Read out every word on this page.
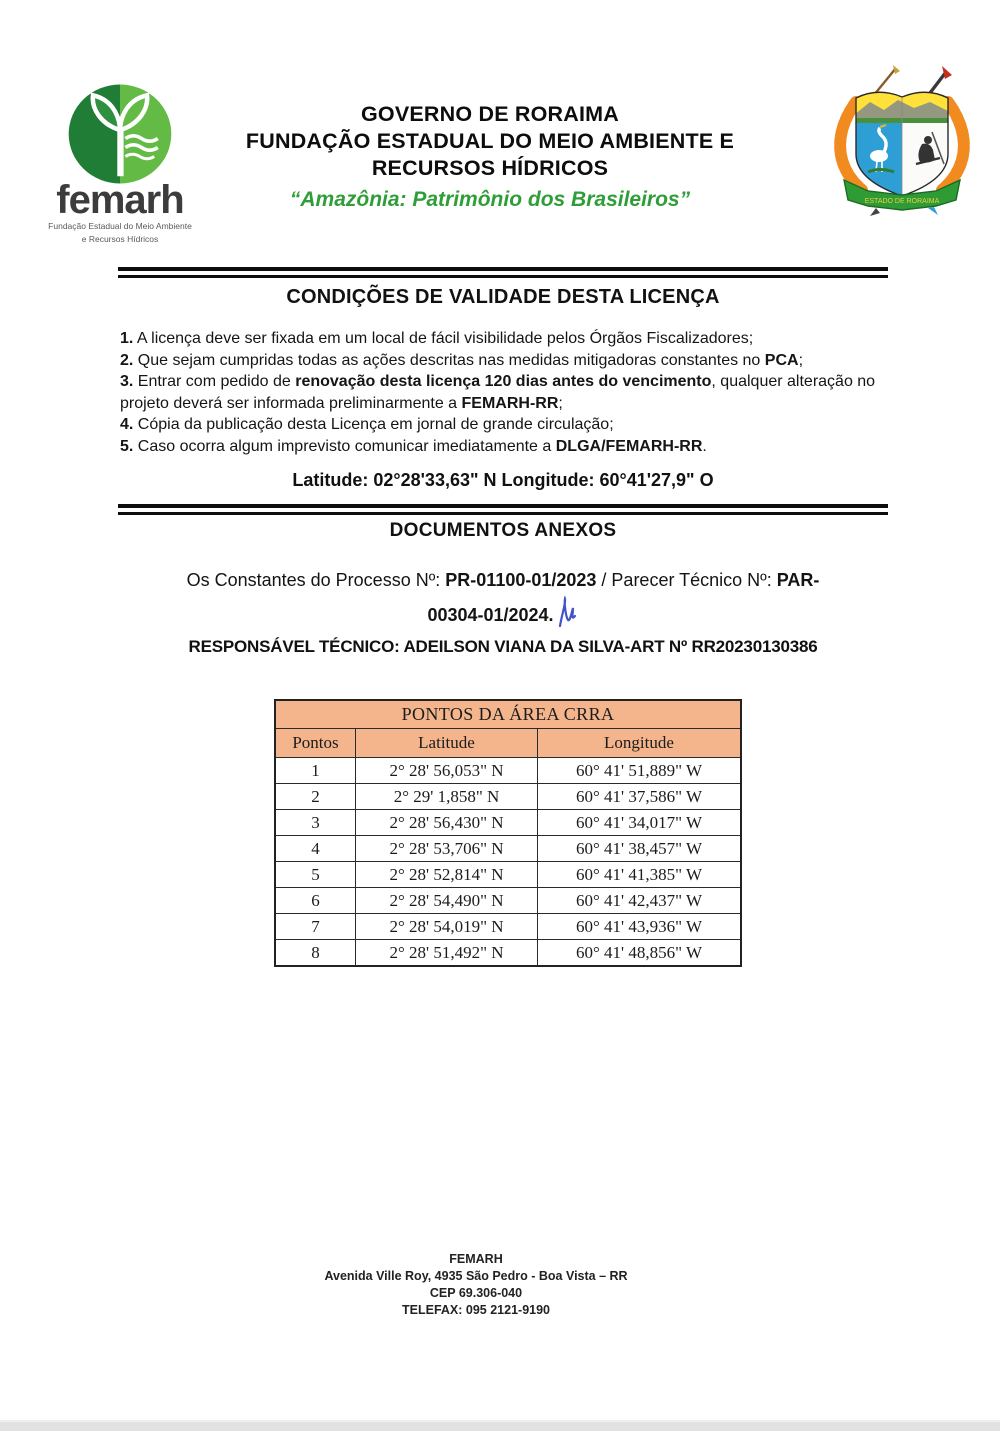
femarh
Fundação Estadual do Meio Ambiente
e Recursos Hídricos
GOVERNO DE RORAIMA
FUNDAÇÃO ESTADUAL DO MEIO AMBIENTE E
RECURSOS HÍDRICOS
“Amazônia: Patrimônio dos Brasileiros”	ESTADO DE RORAIMA
CONDIÇÕES DE VALIDADE DESTA LICENÇA
1. A licença deve ser fixada em um local de fácil visibilidade pelos Órgãos Fiscalizadores;
2. Que sejam cumpridas todas as ações descritas nas medidas mitigadoras constantes no PCA;
3. Entrar com pedido de renovação desta licença 120 dias antes do vencimento, qualquer alteração no projeto deverá ser informada preliminarmente a FEMARH-RR;
4. Cópia da publicação desta Licença em jornal de grande circulação;
5. Caso ocorra algum imprevisto comunicar imediatamente a DLGA/FEMARH-RR.
Latitude: 02°28'33,63" N Longitude: 60°41'27,9" O
DOCUMENTOS ANEXOS
Os Constantes do Processo Nº: PR-01100-01/2023 / Parecer Técnico Nº: PAR-
00304-01/2024.
RESPONSÁVEL TÉCNICO: ADEILSON VIANA DA SILVA-ART Nº RR20230130386
PONTOS DA ÁREA CRRA		
Pontos	Latitude	Longitude
1	2° 28' 56,053" N	60° 41' 51,889" W
2	2° 29' 1,858" N	60° 41' 37,586" W
3	2° 28' 56,430" N	60° 41' 34,017" W
4	2° 28' 53,706" N	60° 41' 38,457" W
5	2° 28' 52,814" N	60° 41' 41,385" W
6	2° 28' 54,490" N	60° 41' 42,437" W
7	2° 28' 54,019" N	60° 41' 43,936" W
8	2° 28' 51,492" N	60° 41' 48,856" W
FEMARH
Avenida Ville Roy, 4935 São Pedro - Boa Vista – RR
CEP 69.306-040
TELEFAX: 095 2121-9190
